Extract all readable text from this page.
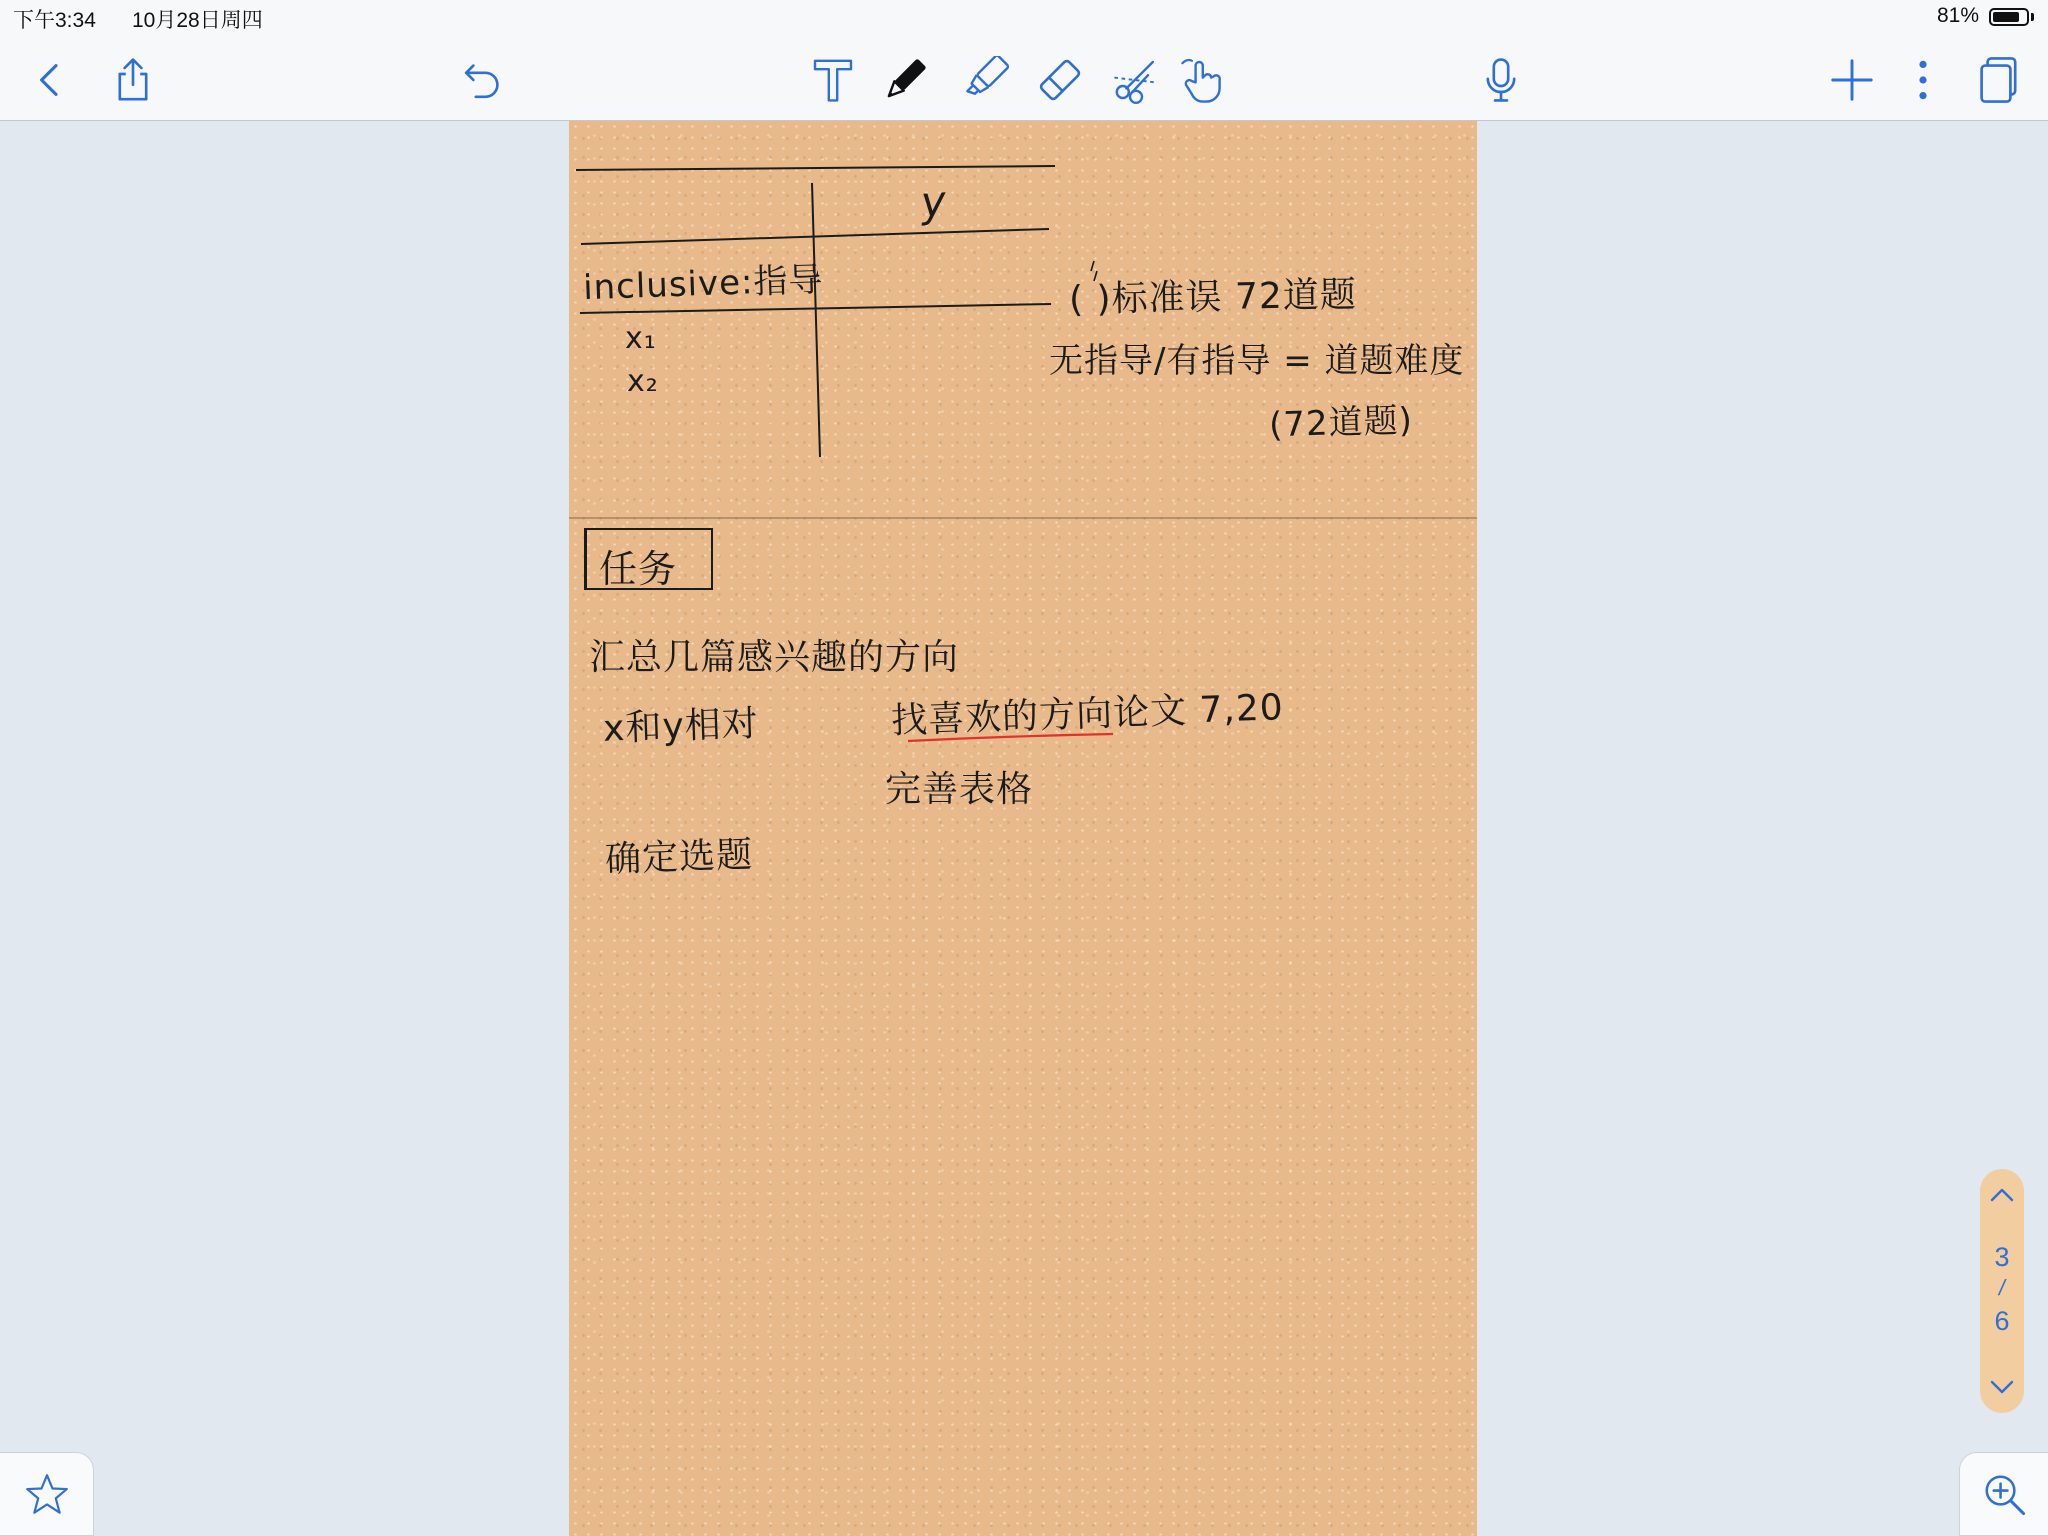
下午3:34 10月28日周四	81%
y
inclusive:指导
x₁
x₂
( )标准误 72道题
无指导/有指导 = 道题难度
(72道题)
任务
汇总几篇感兴趣的方向
x和y相对	找喜欢的方向论文 7,20
完善表格
确定选题
3
/
6
